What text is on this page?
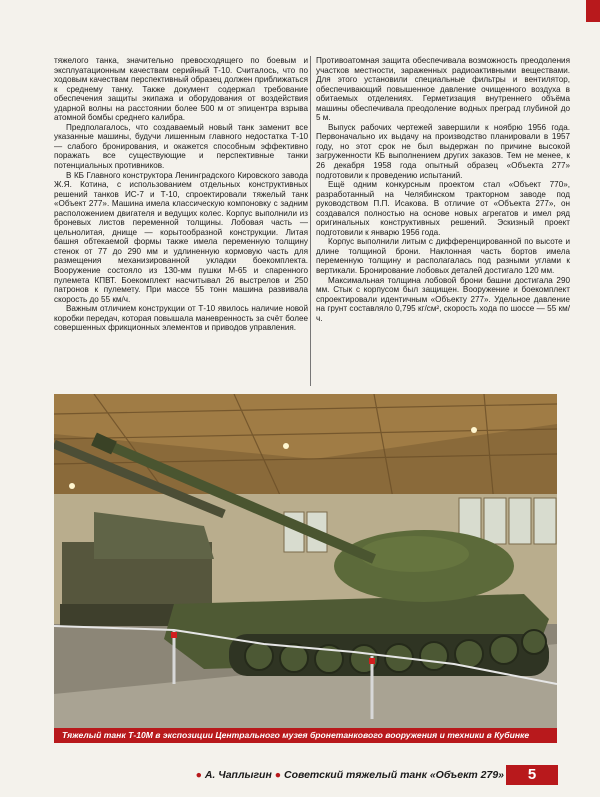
тяжелого танка, значительно превосходящего по боевым и эксплуатационным качествам серийный Т-10. Считалось, что по ходовым качествам перспективный образец должен приближаться к среднему танку. Также документ содержал требование обеспечения защиты экипажа и оборудования от воздействия ударной волны на расстоянии более 500 м от эпицентра взрыва атомной бомбы среднего калибра.

Предполагалось, что создаваемый новый танк заменит все указанные машины, будучи лишенным главного недостатка Т-10 — слабого бронирования, и окажется способным эффективно поражать все существующие и перспективные танки потенциальных противников.

В КБ Главного конструктора Ленинградского Кировского завода Ж.Я. Котина, с использованием отдельных конструктивных решений танков ИС-7 и Т-10, спроектировали тяжелый танк «Объект 277». Машина имела классическую компоновку с задним расположением двигателя и ведущих колес. Корпус выполнили из броневых листов переменной толщины. Лобовая часть — цельнолитая, днище — корытообразной конструкции. Литая башня обтекаемой формы также имела переменную толщину стенок от 77 до 290 мм и удлиненную кормовую часть для размещения механизированной укладки боекомплекта. Вооружение состояло из 130-мм пушки М-65 и спаренного пулемета КПВТ. Боекомплект насчитывал 26 выстрелов и 250 патронов к пулемету. При массе 55 тонн машина развивала скорость до 55 км/ч.

Важным отличием конструкции от Т-10 явилось наличие новой коробки передач, которая повышала маневренность за счёт более совершенных фрикционных элементов и приводов управления.

Противоатомная защита обеспечивала возможность преодоления участков местности, зараженных радиоактивными веществами. Для этого установили специальные фильтры и вентилятор, обеспечивающий повышенное давление очищенного воздуха в обитаемых отделениях. Герметизация внутреннего объёма машины обеспечивала преодоление водных преград глубиной до 5 м.

Выпуск рабочих чертежей завершили к ноябрю 1956 года. Первоначально их выдачу на производство планировали в 1957 году, но этот срок не был выдержан по причине высокой загруженности КБ выполнением других заказов. Тем не менее, к 26 декабря 1958 года опытный образец «Объекта 277» подготовили к проведению испытаний.

Ещё одним конкурсным проектом стал «Объект 770», разработанный на Челябинском тракторном заводе под руководством П.П. Исакова. В отличие от «Объекта 277», он создавался полностью на основе новых агрегатов и имел ряд оригинальных конструктивных решений. Эскизный проект подготовили к январю 1956 года.

Корпус выполнили литым с дифференцированной по высоте и длине толщиной брони. Наклонная часть бортов имела переменную толщину и располагалась под разными углами к вертикали. Бронирование лобовых деталей достигало 120 мм.

Максимальная толщина лобовой брони башни достигала 290 мм. Стык с корпусом был защищен. Вооружение и боекомплект спроектировали идентичным «Объекту 277». Удельное давление на грунт составляло 0,795 кг/см², скорость хода по шоссе — 55 км/ч.

Тяжелый танк Т-10М в экспозиции Центрального музея бронетанкового вооружения и техники в Кубинке
● А. Чаплыгин ● Советский тяжелый танк «Объект 279»	5
